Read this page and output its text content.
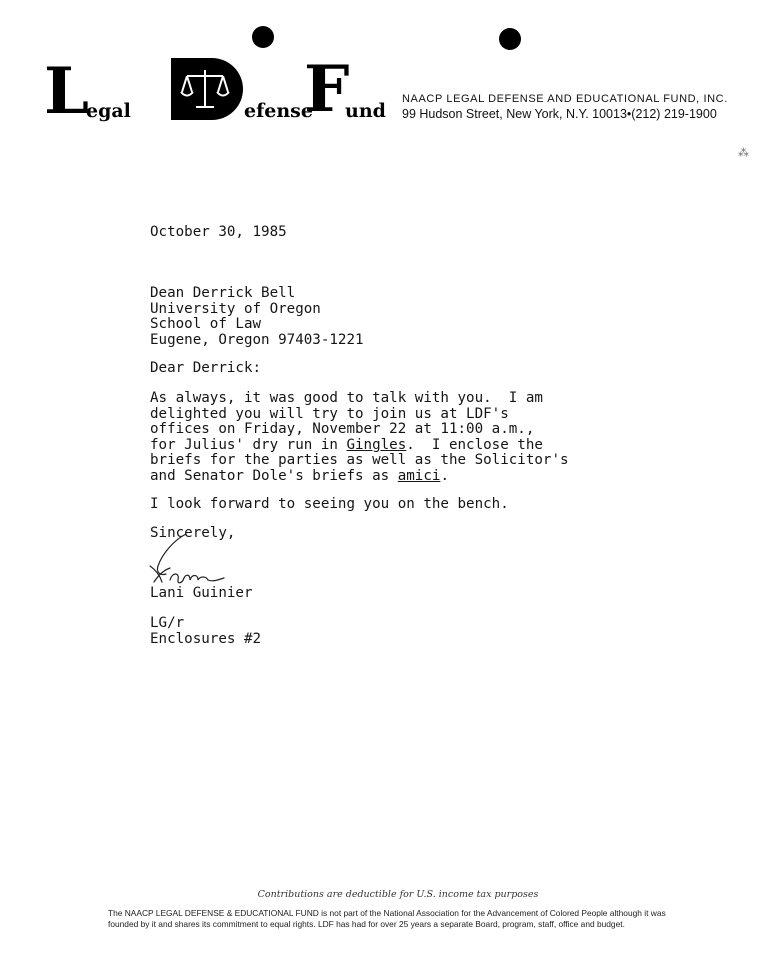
L
egal	efense
F
und
NAACP LEGAL DEFENSE AND EDUCATIONAL FUND, INC.
99 Hudson Street, New York, N.Y. 10013•(212) 219-1900
⁂
October 30, 1985
Dean Derrick Bell
University of Oregon
School of Law
Eugene, Oregon 97403-1221
Dear Derrick:
As always, it was good to talk with you.  I am
delighted you will try to join us at LDF's
offices on Friday, November 22 at 11:00 a.m.,
for Julius' dry run in Gingles.  I enclose the
briefs for the parties as well as the Solicitor's
and Senator Dole's briefs as amici.
I look forward to seeing you on the bench.
Sincerely,
Lani Guinier
LG/r
Enclosures #2
Contributions are deductible for U.S. income tax purposes
The NAACP LEGAL DEFENSE & EDUCATIONAL FUND is not part of the National Association for the Advancement of Colored People although it was founded by it and shares its commitment to equal rights. LDF has had for over 25 years a separate Board, program, staff, office and budget.
